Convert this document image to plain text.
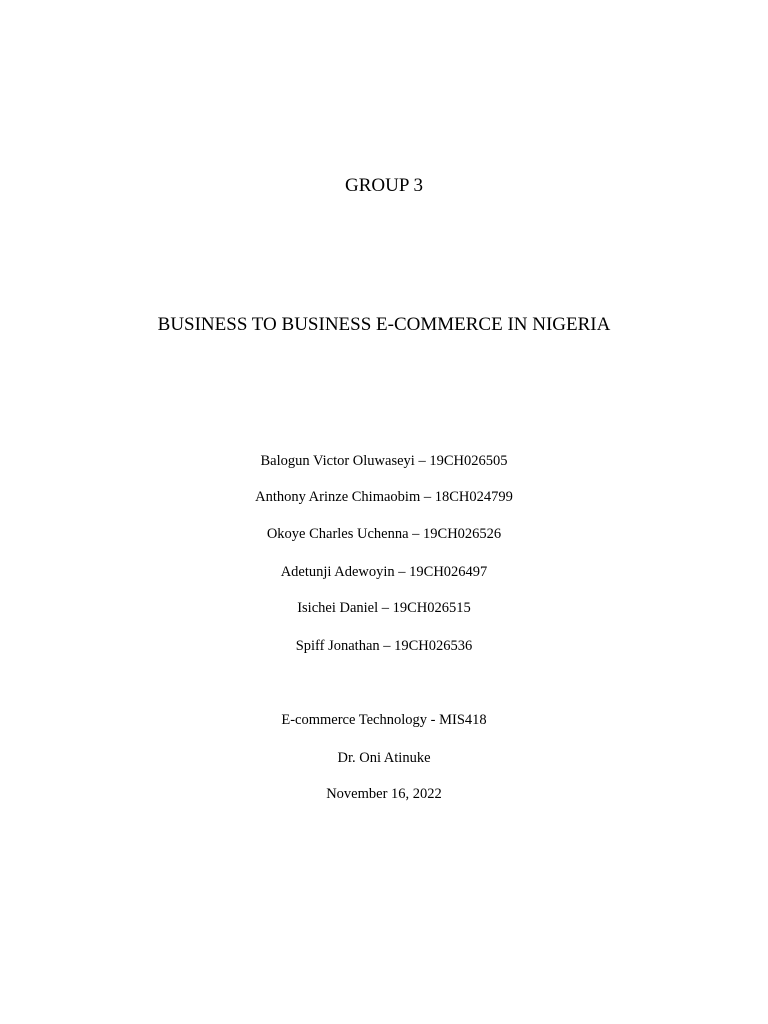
GROUP 3
BUSINESS TO BUSINESS E-COMMERCE IN NIGERIA
Balogun Victor Oluwaseyi – 19CH026505
Anthony Arinze Chimaobim – 18CH024799
Okoye Charles Uchenna – 19CH026526
Adetunji Adewoyin – 19CH026497
Isichei Daniel – 19CH026515
Spiff Jonathan – 19CH026536
E-commerce Technology - MIS418
Dr. Oni Atinuke
November 16, 2022
